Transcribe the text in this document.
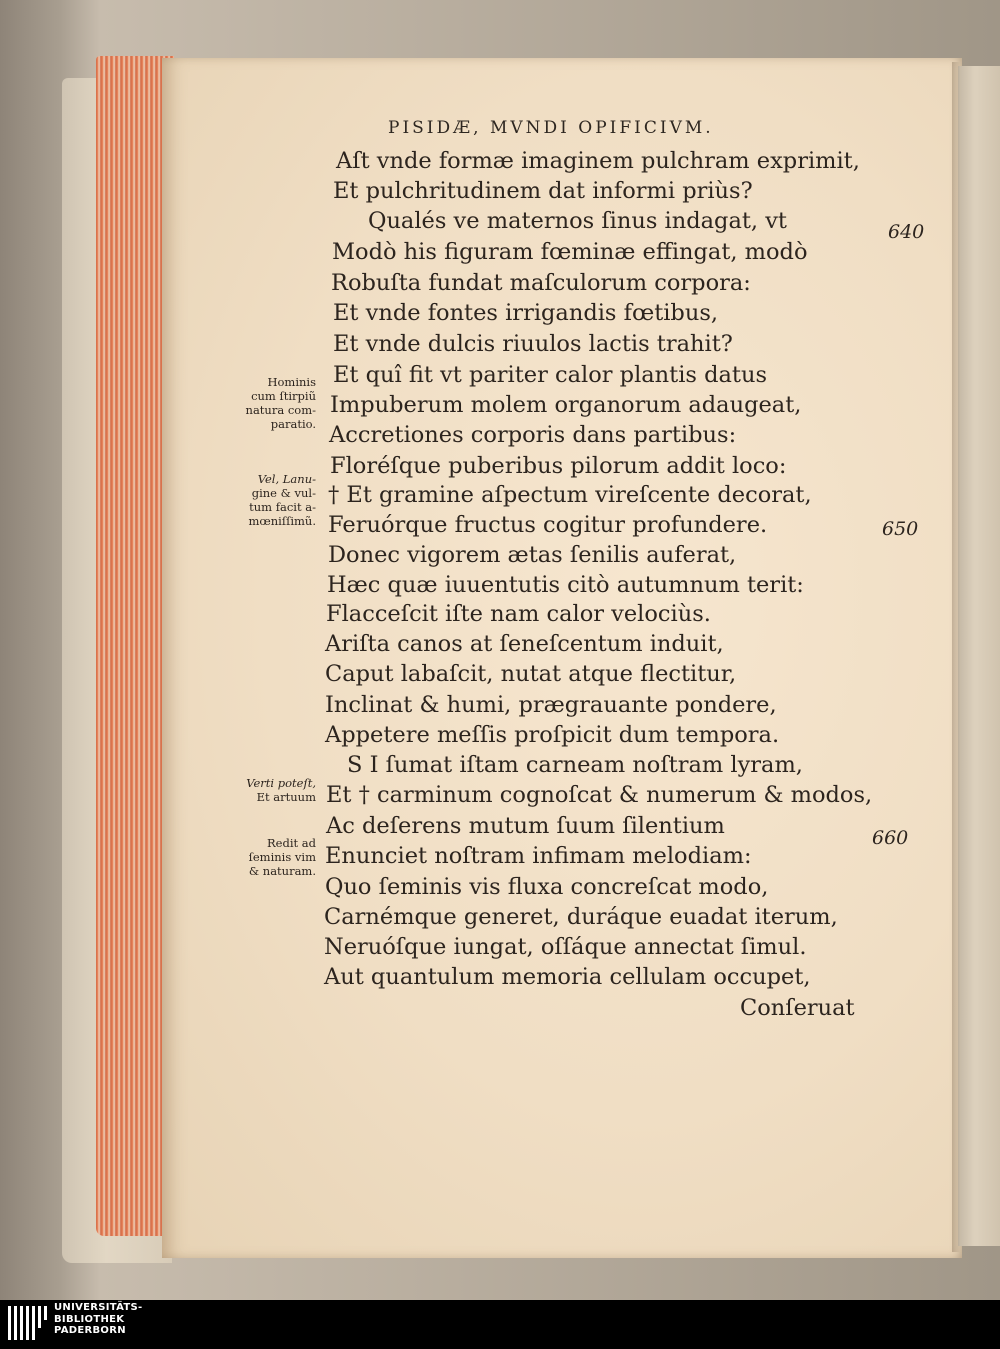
PISIDÆ, MVNDI OPIFICIVM.
Aſt vnde formæ imaginem pulchram exprimit,
Et pulchritudinem dat informi priùs?
Qualés ve maternos ſinus indagat, vt
Modò his figuram fœminæ effingat, modò
Robuſta fundat maſculorum corpora:
Et vnde fontes irrigandis fœtibus,
Et vnde dulcis riuulos lactis trahit?
Et quî fit vt pariter calor plantis datus
Impuberum molem organorum adaugeat,
Accretiones corporis dans partibus:
Floréſque puberibus pilorum addit loco:
† Et gramine aſpectum vireſcente decorat,
Feruórque fructus cogitur profundere.
Donec vigorem ætas ſenilis auferat,
Hæc quæ iuuentutis citò autumnum terit:
Flacceſcit iſte nam calor velociùs.
Ariſta canos at ſeneſcentum induit,
Caput labaſcit, nutat atque flectitur,
Inclinat & humi, prægrauante pondere,
Appetere meſſis proſpicit dum tempora.
S I ſumat iſtam carneam noſtram lyram,
Et † carminum cognoſcat & numerum & modos,
Ac deſerens mutum ſuum ſilentium
Enunciet noſtram infimam melodiam:
Quo ſeminis vis fluxa concreſcat modo,
Carnémque generet, duráque euadat iterum,
Neruóſque iungat, oſſáque annectat ſimul.
Aut quantulum memoria cellulam occupet,
Conſeruat
640
650
660
Hominis
cum ſtirpiũ
natura com-
paratio.
Vel, Lanu-
gine & vul-
tum facit a-
mœniſſimũ.
Verti poteſt,
Et artuum
Redit ad
ſeminis vim
& naturam.
UNIVERSITÄTS-
BIBLIOTHEK
PADERBORN
